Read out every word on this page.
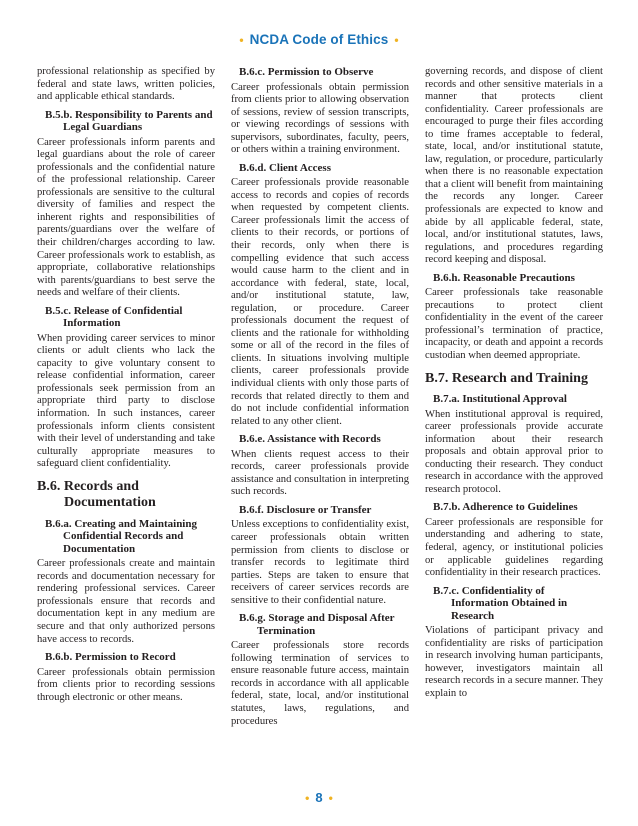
• NCDA Code of Ethics •

professional relationship as specified by federal and state laws, written policies, and applicable ethical standards.

B.5.b. Responsibility to Parents and Legal Guardians

Career professionals inform parents and legal guardians about the role of career professionals and the confidential nature of the professional relationship. Career professionals are sensitive to the cultural diversity of families and respect the inherent rights and responsibilities of parents/guardians over the welfare of their children/charges according to law. Career professionals work to establish, as appropriate, collaborative relationships with parents/guardians to best serve the needs and welfare of their clients.

B.5.c. Release of Confidential Information

When providing career services to minor clients or adult clients who lack the capacity to give voluntary consent to release confidential information, career professionals seek permission from an appropriate third party to disclose information. In such instances, career professionals inform clients consistent with their level of understanding and take culturally appropriate measures to safeguard client confidentiality.

B.6. Records and Documentation
B.6.a. Creating and Maintaining Confidential Records and Documentation

Career professionals create and maintain records and documentation necessary for rendering professional services. Career professionals ensure that records and documentation kept in any medium are secure and that only authorized persons have access to records.

B.6.b. Permission to Record

Career professionals obtain permission from clients prior to recording sessions through electronic or other means.

B.6.c. Permission to Observe

Career professionals obtain permission from clients prior to allowing observation of sessions, review of session transcripts, or viewing recordings of sessions with supervisors, subordinates, faculty, peers, or others within a training environment.

B.6.d. Client Access

Career professionals provide reasonable access to records and copies of records when requested by competent clients. Career professionals limit the access of clients to their records, or portions of their records, only when there is compelling evidence that such access would cause harm to the client and in accordance with federal, state, local, and/or institutional statute, law, regulation, or procedure. Career professionals document the request of clients and the rationale for withholding some or all of the record in the files of clients. In situations involving multiple clients, career professionals provide individual clients with only those parts of records that related directly to them and do not include confidential information related to any other client.

B.6.e. Assistance with Records

When clients request access to their records, career professionals provide assistance and consultation in interpreting such records.

B.6.f. Disclosure or Transfer

Unless exceptions to confidentiality exist, career professionals obtain written permission from clients to disclose or transfer records to legitimate third parties. Steps are taken to ensure that receivers of career services records are sensitive to their confidential nature.

B.6.g. Storage and Disposal After Termination

Career professionals store records following termination of services to ensure reasonable future access, maintain records in accordance with all applicable federal, state, local, and/or institutional statutes, laws, regulations, and procedures

governing records, and dispose of client records and other sensitive materials in a manner that protects client confidentiality. Career professionals are encouraged to purge their files according to time frames acceptable to federal, state, local, and/or institutional statute, law, regulation, or procedure, particularly when there is no reasonable expectation that a client will benefit from maintaining the records any longer. Career professionals are expected to know and abide by all applicable federal, state, local, and/or institutional statutes, laws, regulations, and procedures regarding record keeping and disposal.

B.6.h. Reasonable Precautions

Career professionals take reasonable precautions to protect client confidentiality in the event of the career professional’s termination of practice, incapacity, or death and appoint a records custodian when deemed appropriate.

B.7. Research and Training
B.7.a. Institutional Approval

When institutional approval is required, career professionals provide accurate information about their research proposals and obtain approval prior to conducting their research. They conduct research in accordance with the approved research protocol.

B.7.b. Adherence to Guidelines

Career professionals are responsible for understanding and adhering to state, federal, agency, or institutional policies or applicable guidelines regarding confidentiality in their research practices.

B.7.c. Confidentiality of Information Obtained in Research

Violations of participant privacy and confidentiality are risks of participation in research involving human participants, however, investigators maintain all research records in a secure manner. They explain to

• 8 •
